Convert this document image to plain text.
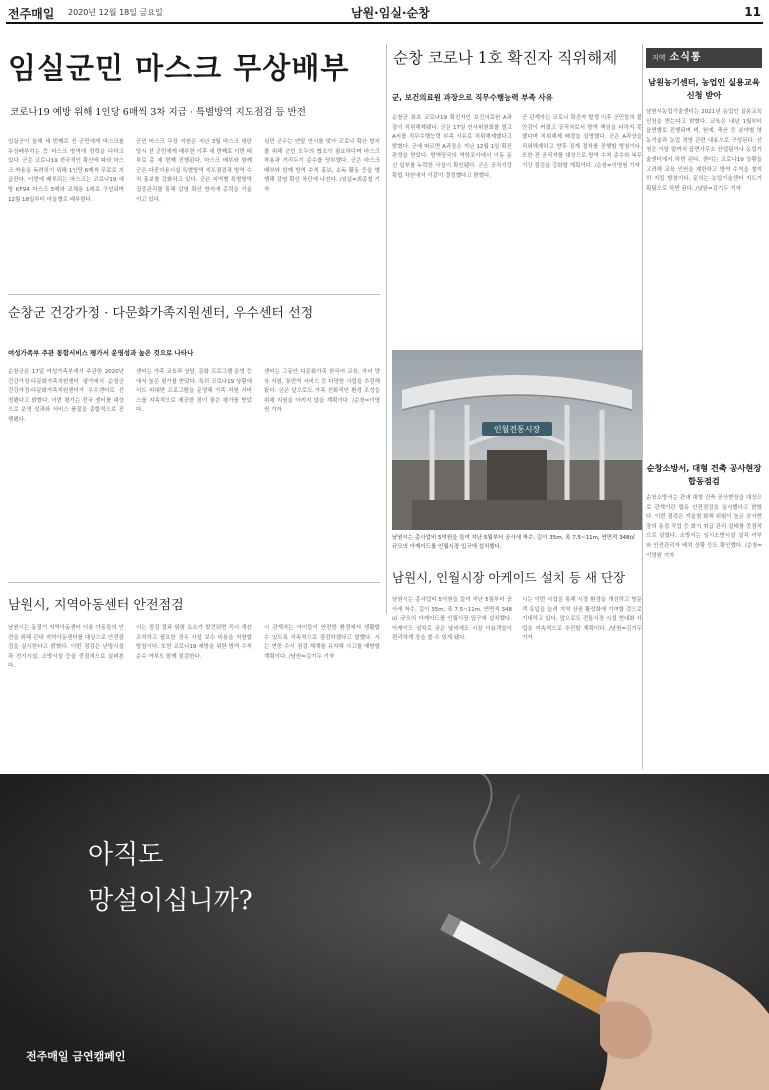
전주매일 2020년 12월 18일 금요일	남원·임실·순창	11
임실군민 마스크 무상배부
코로나19 예방 위해 1인당 6매씩 3차 지급 · 특별방역 지도점검 등 반전
임실군이 올해 세 번째로 전 군민에게 마스크를 무상배부하는 등 마스크 방역에 전력을 다하고 있다. 군은 코로나19 전국적인 확산에 따라 마스크 착용을 독려하기 위해 1인당 6매씩 무료로 지급한다. 이번에 배부되는 마스크는 코로나19 예방 KF94 마스크 5매와 교체용 1매로 구성되며 12월 18일부터 마을별로 배부한다.
군민 마스크 무상 지원은 지난 3월 마스크 대란 당시 전 군민에게 배부한 이후 세 번째로 이번 배부로 총 세 번째 진행된다. 마스크 배부와 함께 군은 다중이용시설 특별방역 지도점검과 방역 수칙 홍보를 강화하고 있다. 군은 지역별 특별방역 집중관리를 통해 감염 확산 방지에 총력을 기울이고 있다.
심민 군수는 연말 연시를 맞아 코로나 확산 방지를 위해 군민 모두의 협조가 필요하다며 마스크 착용과 거리두기 준수를 당부했다. 군은 마스크 배부와 함께 방역 수칙 홍보, 소독 활동 등을 병행해 감염 확산 차단에 나선다. /임실=최종철 기자
순창 코로나 1호 확진자 직위해제
군, 보건의료원 과장으로 직무수행능력 부족 사유
순창군 최초 코로나19 확진자인 보건의료원 A과장이 직위해제됐다. 군은 17일 인사위원회를 열고 A씨를 직무수행능력 부족 사유로 직위해제했다고 밝혔다. 군에 따르면 A과장은 지난 12월 1일 확진 판정을 받았다. 방역당국의 역학조사에서 이동 동선 일부를 누락한 사실이 확인됐다. 군은 공직기강 확립 차원에서 이같이 결정했다고 밝혔다.
군 관계자는 코로나 확진자 발생 이후 군민들의 불안감이 커졌고 공직자로서 방역 책임을 다하지 못했다며 직위해제 배경을 설명했다. 군은 A과장을 직위해제하고 향후 징계 절차를 진행할 방침이다. 또한 전 공직자를 대상으로 방역 수칙 준수와 복무 기강 점검을 강화할 계획이다. /순창=이영원 기자
순창군 건강가정 · 다문화가족지원센터, 우수센터 선정
여성가족부 주관 통합서비스 평가서 운영성과 높은 것으로 나타나
순창군은 17일 여성가족부에서 주관한 2020년 건강가정·다문화가족지원센터 평가에서 순창군 건강가정·다문화가족지원센터가 우수센터로 선정됐다고 밝혔다. 이번 평가는 전국 센터를 대상으로 운영 성과와 서비스 품질을 종합적으로 진행됐다.
센터는 가족 교육과 상담, 문화 프로그램 운영 등에서 높은 평가를 받았다. 특히 코로나19 상황에서도 비대면 프로그램을 운영해 가족 지원 서비스를 지속적으로 제공한 점이 좋은 평가를 받았다.
센터는 그동안 다문화가족 한국어 교육, 자녀 양육 지원, 통번역 서비스 등 다양한 사업을 추진해 왔다. 군은 앞으로도 가족 친화적인 환경 조성을 위해 지원을 아끼지 않을 계획이다. /순창=이영원 기자
인월전통시장
남원시는 총사업비 5억원을 들여 지난 5월부터 공사에 착수, 길이 35m, 폭 7.5~11m, 연면적 348㎡ 규모의 아케이드를 인월시장 입구에 설치했다.
남원시, 인월시장 아케이드 설치 등 새 단장
남원시는 총사업비 5억원을 들여 지난 5월부터 공사에 착수, 길이 35m, 폭 7.5~11m, 연면적 348㎡ 규모의 아케이드를 인월시장 입구에 설치했다. 아케이드 설치로 궂은 날씨에도 시장 이용객들이 편리하게 장을 볼 수 있게 됐다.
시는 이번 사업을 통해 시장 환경을 개선하고 방문객 유입을 늘려 지역 상권 활성화에 기여할 것으로 기대하고 있다. 앞으로도 전통시장 시설 현대화 사업을 지속적으로 추진할 계획이다. /남원=김기두 기자
남원시, 지역아동센터 안전점검
남원시는 동절기 지역아동센터 이용 아동들의 안전을 위해 관내 지역아동센터를 대상으로 안전점검을 실시한다고 밝혔다. 이번 점검은 난방시설과 전기시설, 소방시설 등을 중점적으로 살펴본다.
시는 점검 결과 위험 요소가 발견되면 즉시 개선 조치하고 필요한 경우 시설 보수 비용을 지원할 방침이다. 또한 코로나19 예방을 위한 방역 수칙 준수 여부도 함께 점검한다.
시 관계자는 아이들이 안전한 환경에서 생활할 수 있도록 지속적으로 점검하겠다고 말했다. 시는 연중 수시 점검 체계를 유지해 사고를 예방할 계획이다. /남원=김기두 기자
지역 소식통
남원농기센터, 농업인 실용교육 신청 받아
남원시농업기술센터는 2021년 농업인 실용교육 신청을 받는다고 밝혔다. 교육은 내년 1월부터 읍면별로 진행되며 벼, 원예, 축산 등 분야별 영농기술과 농업 경영 관련 내용으로 구성된다. 신청은 이달 말까지 읍면사무소 산업팀이나 농업기술센터에서 하면 된다. 센터는 코로나19 상황을 고려해 교육 인원을 제한하고 방역 수칙을 철저히 지킬 방침이다. 문의는 농업기술센터 지도기획팀으로 하면 된다. /남원=김기두 기자
순창소방서, 대형 건축 공사현장 합동점검
순창소방서는 관내 대형 건축 공사현장을 대상으로 관계기관 합동 안전점검을 실시했다고 밝혔다. 이번 점검은 겨울철 화재 위험이 높은 공사현장의 용접 작업 등 화기 취급 관리 실태를 중점적으로 살폈다. 소방서는 임시소방시설 설치 여부와 안전관리자 배치 상황 등도 확인했다. /순창=이영원 기자
아직도
망설이십니까?
전주매일 금연캠페인
